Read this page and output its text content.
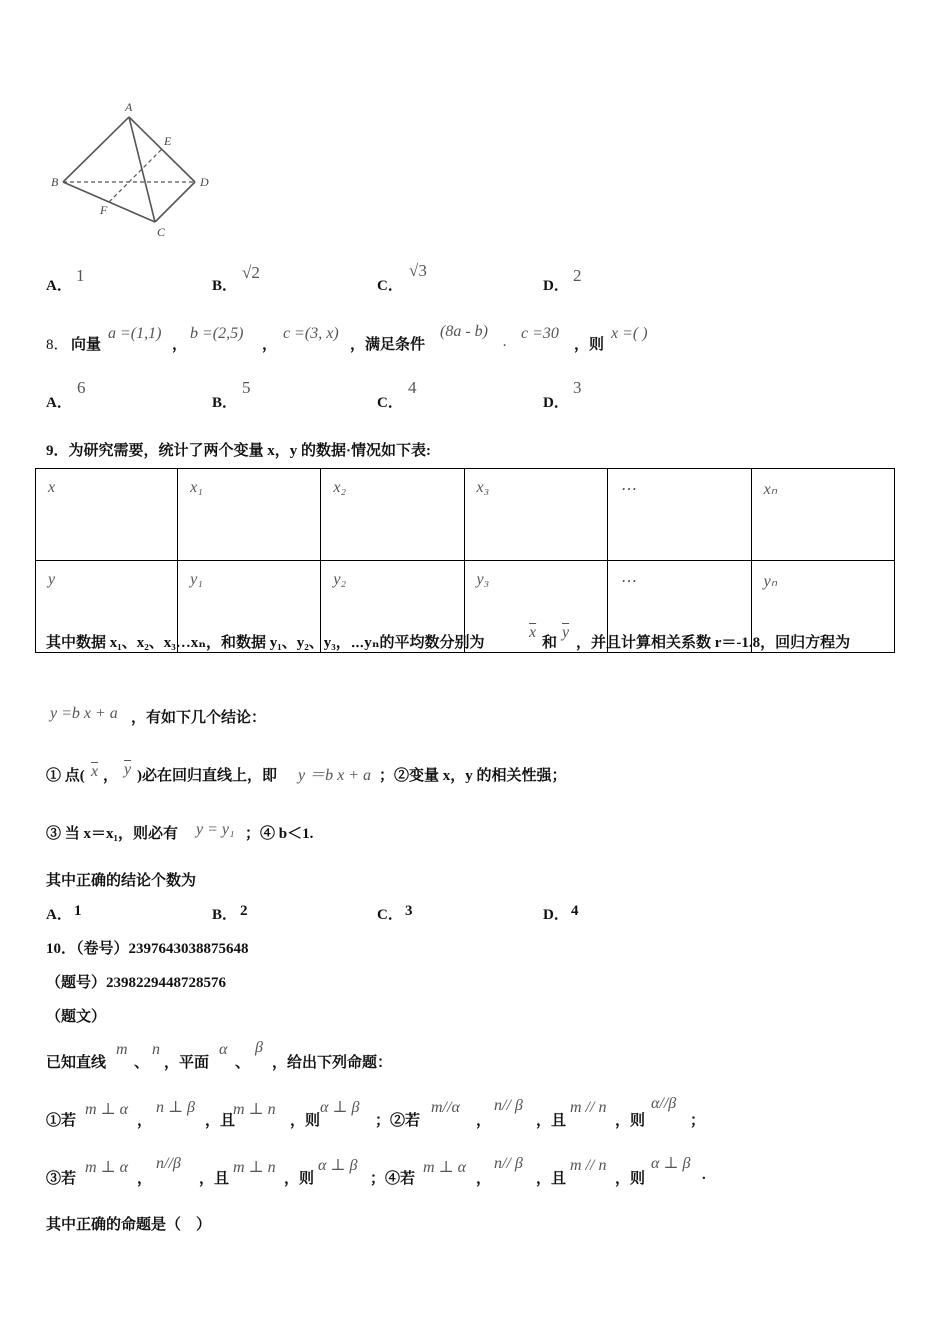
A
B
C
D
E
F
A．
1
B．
√2
C．
√3
D．
2
8． 向量
a =(1,1)
，
b =(2,5)
，
c =(3, x)
，满足条件
(8a - b)
. c =30
，则
x =( )
A．
6
B．
5
C．
4
D．
3
9．为研究需要，统计了两个变量 x，y 的数据·情况如下表:
x	x₁	x₂	x₃	⋯	xₙ
y	y₁	y₂	y₃	⋯	yₙ
其中数据 x₁、x₂、x₃…xₙ，和数据 y₁、y₂、y₃，⋯yₙ的平均数分别为
$\overline{x}$
和
$\overline{y}$
，并且计算相关系数 r＝-1.8，回归方程为
y =b x + a ，有如下几个结论：
① 点( $\overline{x}$ ， $\overline{y}$ )必在回归直线上，即 y ＝b x + a ；②变量 x，y 的相关性强；
③ 当 x＝x₁，则必有 y = y₁ ；④ b＜1.
其中正确的结论个数为
A． 1	B． 2	C． 3	D． 4
10．（卷号）2397643038875648
（题号）2398229448728576
（题文）
已知直线
m
、
n
，平面
α
、
β
，给出下列命题：
①若
m ⊥ α
，
n ⊥ β
，且
m ⊥ n
，则
α ⊥ β
；②若
m//α
，
n// β
，且
m // n
，则
α//β
；
③若
m ⊥ α
，
n//β
，且
m ⊥ n
，则
α ⊥ β
；④若
m ⊥ α
，
n// β
，且
m // n
，则
α ⊥ β
.
其中正确的命题是（　）
